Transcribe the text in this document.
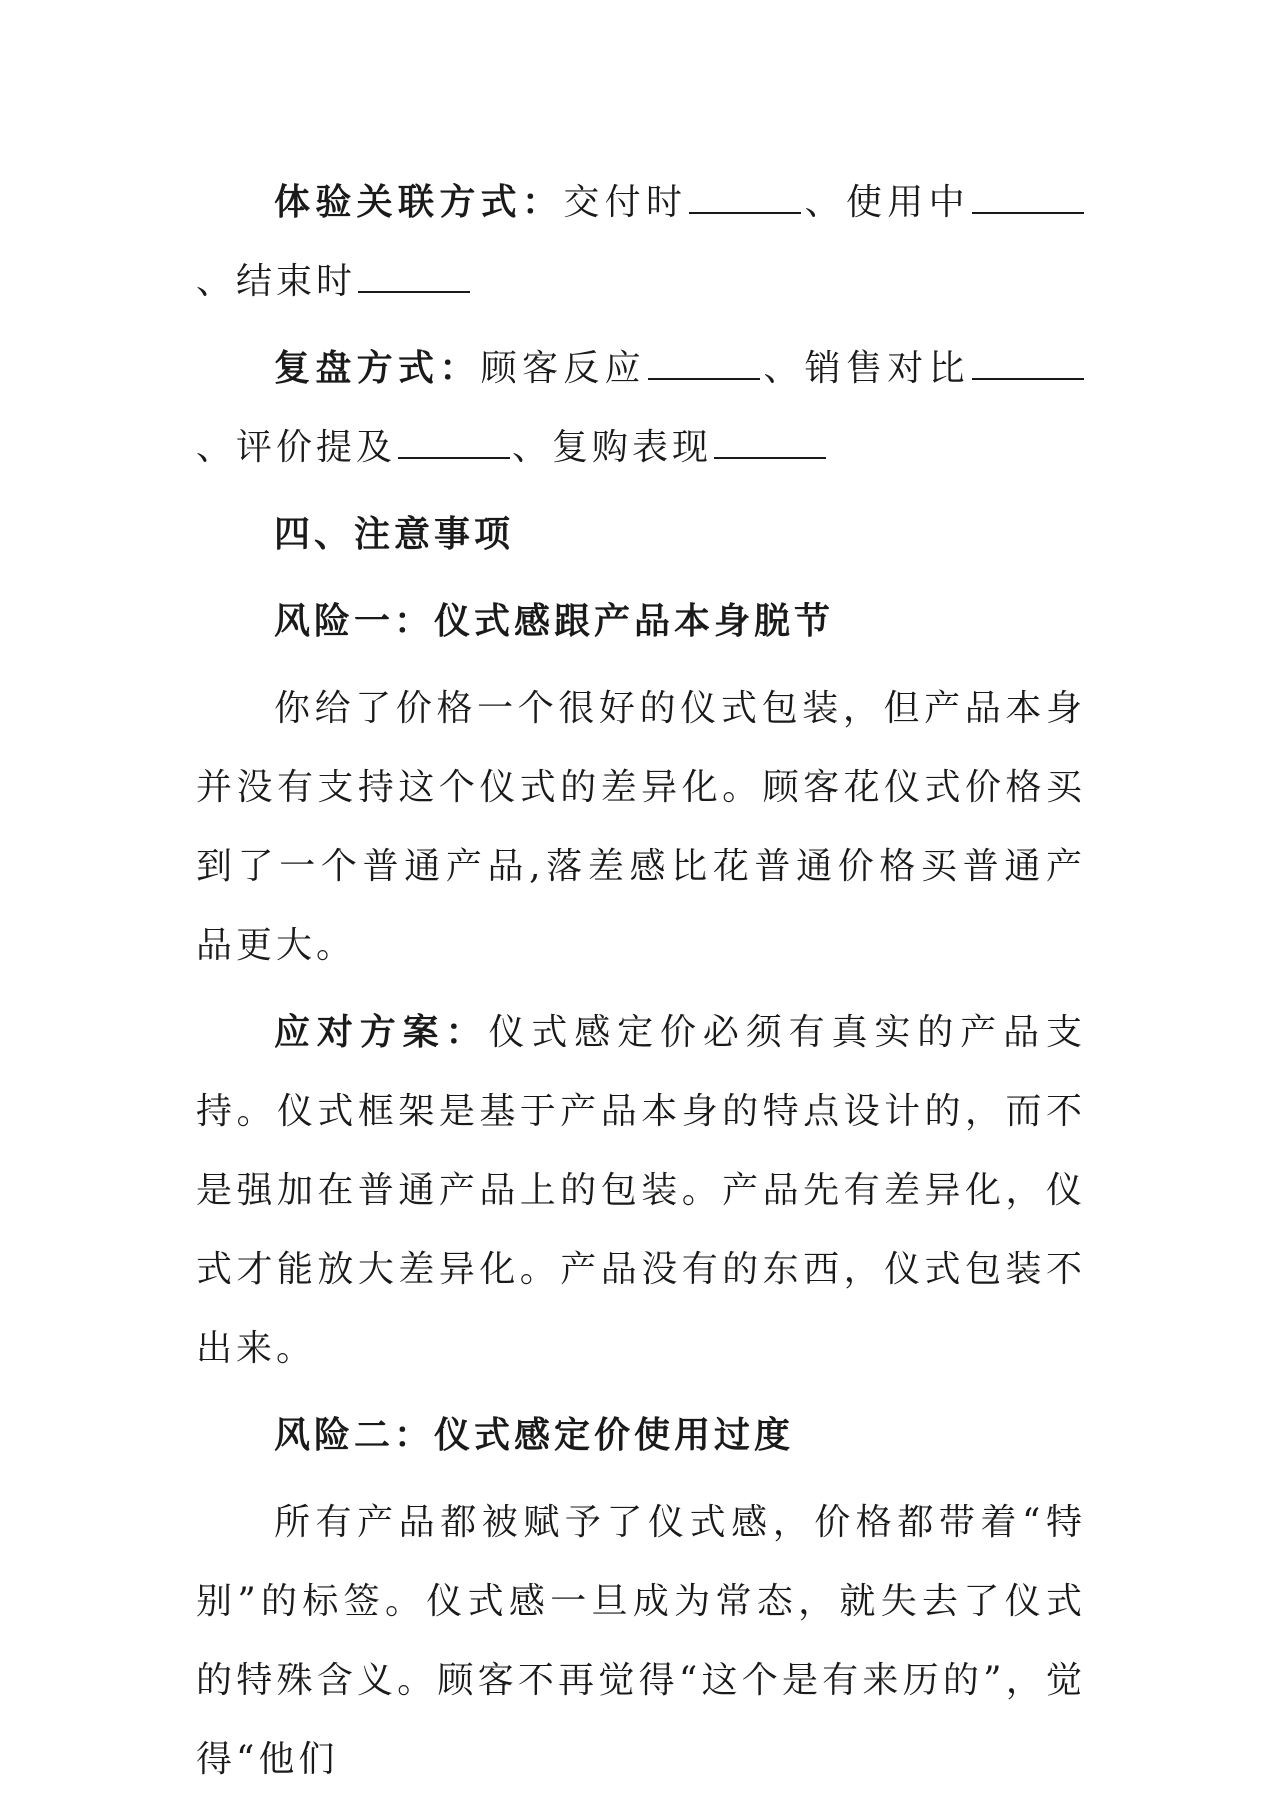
体验关联方式：交付时	、使用中、结束时

复盘方式：顾客反应	、销售对比、评价提及	、复购表现

四、注意事项

风险一：仪式感跟产品本身脱节

你给了价格一个很好的仪式包装，但产品本身并没有支持这个仪式的差异化。顾客花仪式价格买到了一个普通产品,落差感比花普通价格买普通产品更大。

应对方案：仪式感定价必须有真实的产品支持。仪式框架是基于产品本身的特点设计的，而不是强加在普通产品上的包装。产品先有差异化，仪式才能放大差异化。产品没有的东西，仪式包装不出来。

风险二：仪式感定价使用过度

所有产品都被赋予了仪式感，价格都带着“特别”的标签。仪式感一旦成为常态，就失去了仪式的特殊含义。顾客不再觉得“这个是有来历的”，觉得“他们
